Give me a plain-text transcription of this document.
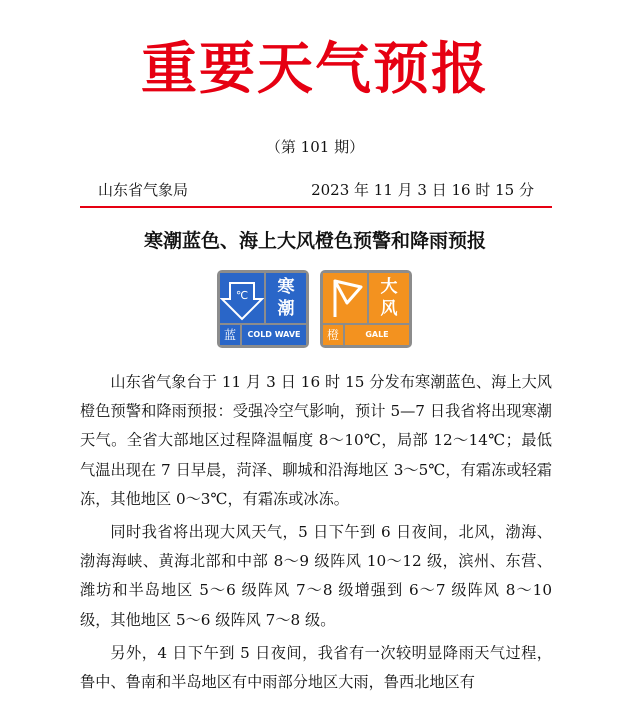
重要天气预报
（第 101 期）
山东省气象局	2023 年 11 月 3 日 16 时 15 分
寒潮蓝色、海上大风橙色预警和降雨预报
℃	寒
潮
蓝	COLD WAVE
大
风
橙	GALE

山东省气象台于 11 月 3 日 16 时 15 分发布寒潮蓝色、海上大风橙色预警和降雨预报：受强冷空气影响，预计 5—7 日我省将出现寒潮天气。全省大部地区过程降温幅度 8～10℃，局部 12～14℃；最低气温出现在 7 日早晨，菏泽、聊城和沿海地区 3～5℃，有霜冻或轻霜冻，其他地区 0～3℃，有霜冻或冰冻。

同时我省将出现大风天气，5 日下午到 6 日夜间，北风，渤海、渤海海峡、黄海北部和中部 8～9 级阵风 10～12 级，滨州、东营、潍坊和半岛地区 5～6 级阵风 7～8 级增强到 6～7 级阵风 8～10 级，其他地区 5～6 级阵风 7～8 级。

另外，4 日下午到 5 日夜间，我省有一次较明显降雨天气过程，鲁中、鲁南和半岛地区有中雨部分地区大雨，鲁西北地区有
